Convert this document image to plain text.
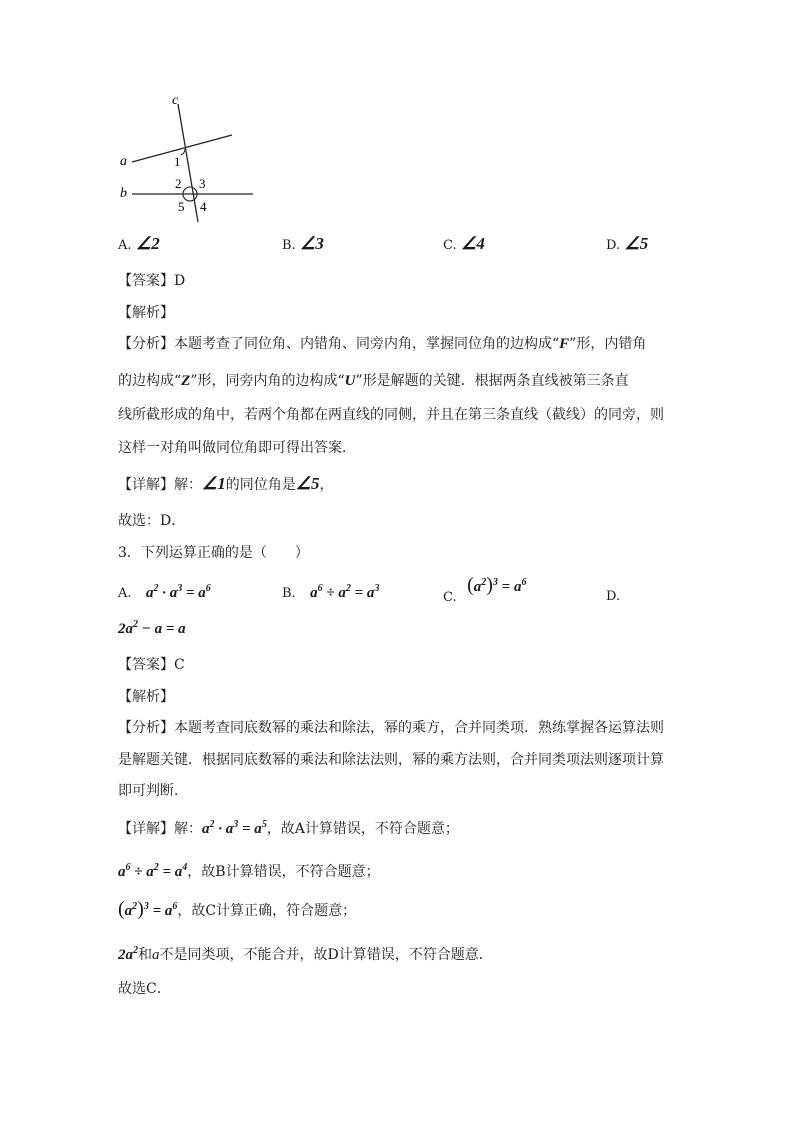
c
a
b
1
2 3
5 4
A. ∠2	B. ∠3	C. ∠4	D. ∠5
【答案】D
【解析】
【分析】本题考查了同位角、内错角、同旁内角，掌握同位角的边构成“F”形，内错角
的边构成“Z”形，同旁内角的边构成“U”形是解题的关键．根据两条直线被第三条直
线所截形成的角中，若两个角都在两直线的同侧，并且在第三条直线（截线）的同旁，则
这样一对角叫做同位角即可得出答案．
【详解】解：∠1的同位角是∠5，
故选：D．
3．下列运算正确的是（　　）
A. $a^2 \cdot a^3 = a^6$	B. $a^6 \div a^2 = a^3$
C. $(a^2)^3 = a^6$
D.
$2a^2 - a = a$
【答案】C
【解析】
【分析】本题考查同底数幂的乘法和除法，幂的乘方，合并同类项．熟练掌握各运算法则
是解题关键．根据同底数幂的乘法和除法法则，幂的乘方法则，合并同类项法则逐项计算
即可判断．
【详解】解：$a^2 \cdot a^3 = a^5$，故A计算错误，不符合题意；
$a^6 \div a^2 = a^4$，故B计算错误，不符合题意；
$(a^2)^3 = a^6$，故C计算正确，符合题意；
$2a^2$和a不是同类项，不能合并，故D计算错误，不符合题意．
故选C．
